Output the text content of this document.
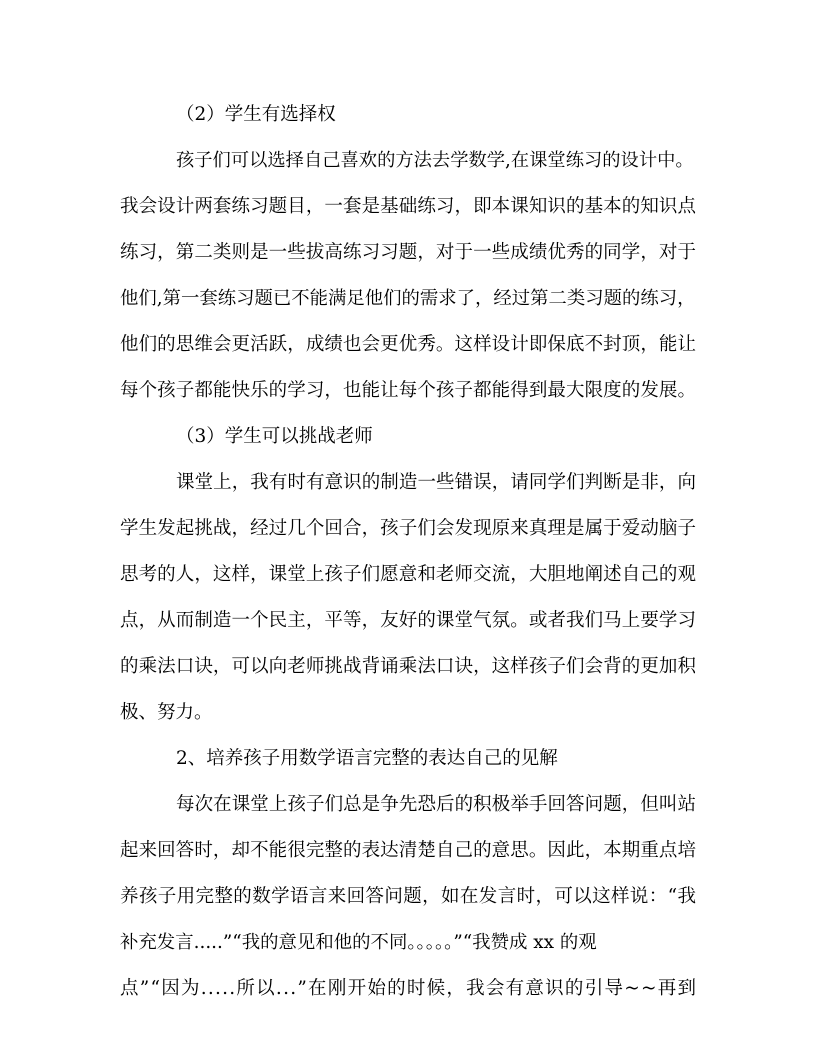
（2）学生有选择权
孩子们可以选择自己喜欢的方法去学数学,在课堂练习的设计中。
我会设计两套练习题目，一套是基础练习，即本课知识的基本的知识点
练习，第二类则是一些拔高练习习题，对于一些成绩优秀的同学，对于
他们,第一套练习题已不能满足他们的需求了，经过第二类习题的练习，
他们的思维会更活跃，成绩也会更优秀。这样设计即保底不封顶，能让
每个孩子都能快乐的学习，也能让每个孩子都能得到最大限度的发展。
（3）学生可以挑战老师
课堂上，我有时有意识的制造一些错误，请同学们判断是非，向
学生发起挑战，经过几个回合，孩子们会发现原来真理是属于爱动脑子
思考的人，这样，课堂上孩子们愿意和老师交流，大胆地阐述自己的观
点，从而制造一个民主，平等，友好的课堂气氛。或者我们马上要学习
的乘法口诀，可以向老师挑战背诵乘法口诀，这样孩子们会背的更加积
极、努力。
2、培养孩子用数学语言完整的表达自己的见解
每次在课堂上孩子们总是争先恐后的积极举手回答问题，但叫站
起来回答时，却不能很完整的表达清楚自己的意思。因此，本期重点培
养孩子用完整的数学语言来回答问题，如在发言时，可以这样说：“我
补充发言.....”“我的意见和他的不同。。。。。”“我赞成 xx 的观
点”“因为.....所以...”在刚开始的时候，我会有意识的引导~~再到
